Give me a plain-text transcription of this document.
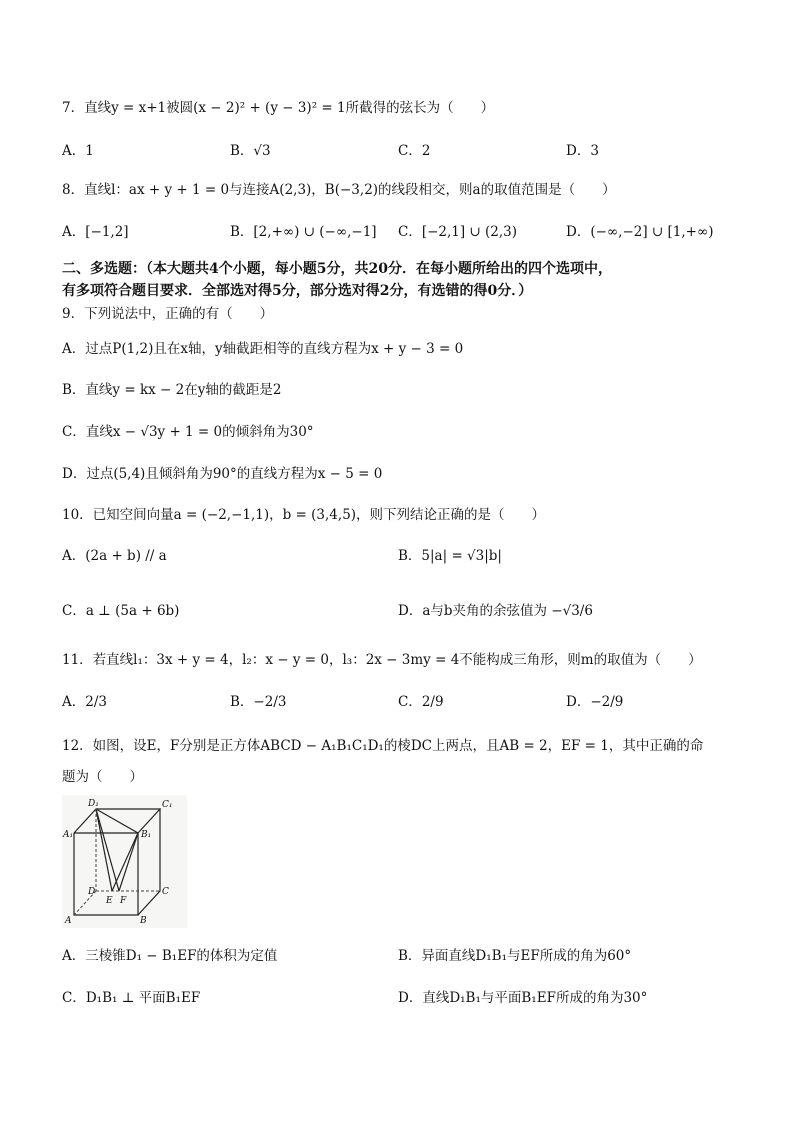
7．直线y = x+1被圆(x − 2)² + (y − 3)² = 1所截得的弦长为（　　）
A．1	B．√3	C．2	D．3
8．直线l：ax + y + 1 = 0与连接A(2,3)，B(−3,2)的线段相交，则a的取值范围是（　　）
A．[−1,2]	B．[2,+∞) ∪ (−∞,−1] C．[−2,1] ∪ (2,3)	D．(−∞,−2] ∪ [1,+∞)
二、多选题：（本大题共4个小题，每小题5分，共20分．在每小题所给出的四个选项中，
有多项符合题目要求．全部选对得5分，部分选对得2分，有选错的得0分．）
9．下列说法中，正确的有（　　）
A．过点P(1,2)且在x轴，y轴截距相等的直线方程为x + y − 3 = 0
B．直线y = kx − 2在y轴的截距是2
C．直线x − √3y + 1 = 0的倾斜角为30°
D．过点(5,4)且倾斜角为90°的直线方程为x − 5 = 0
10．已知空间向量a = (−2,−1,1)，b = (3,4,5)，则下列结论正确的是（　　）
A．(2a + b) // a	B．5|a| = √3|b|
C．a ⊥ (5a + 6b)	D．a与b夹角的余弦值为 −√3/6
11．若直线l₁：3x + y = 4，l₂：x − y = 0，l₃：2x − 3my = 4不能构成三角形，则m的取值为（　　）
A．2/3	B．−2/3	C．2/9	D．−2/9
12．如图，设E，F分别是正方体ABCD − A₁B₁C₁D₁的棱DC上两点，且AB = 2，EF = 1，其中正确的命
题为（　　）
D₁	C₁
A₁	B₁
D	C
E F
A	B
A．三棱锥D₁ − B₁EF的体积为定值	B．异面直线D₁B₁与EF所成的角为60°
C．D₁B₁ ⊥ 平面B₁EF	D．直线D₁B₁与平面B₁EF所成的角为30°
